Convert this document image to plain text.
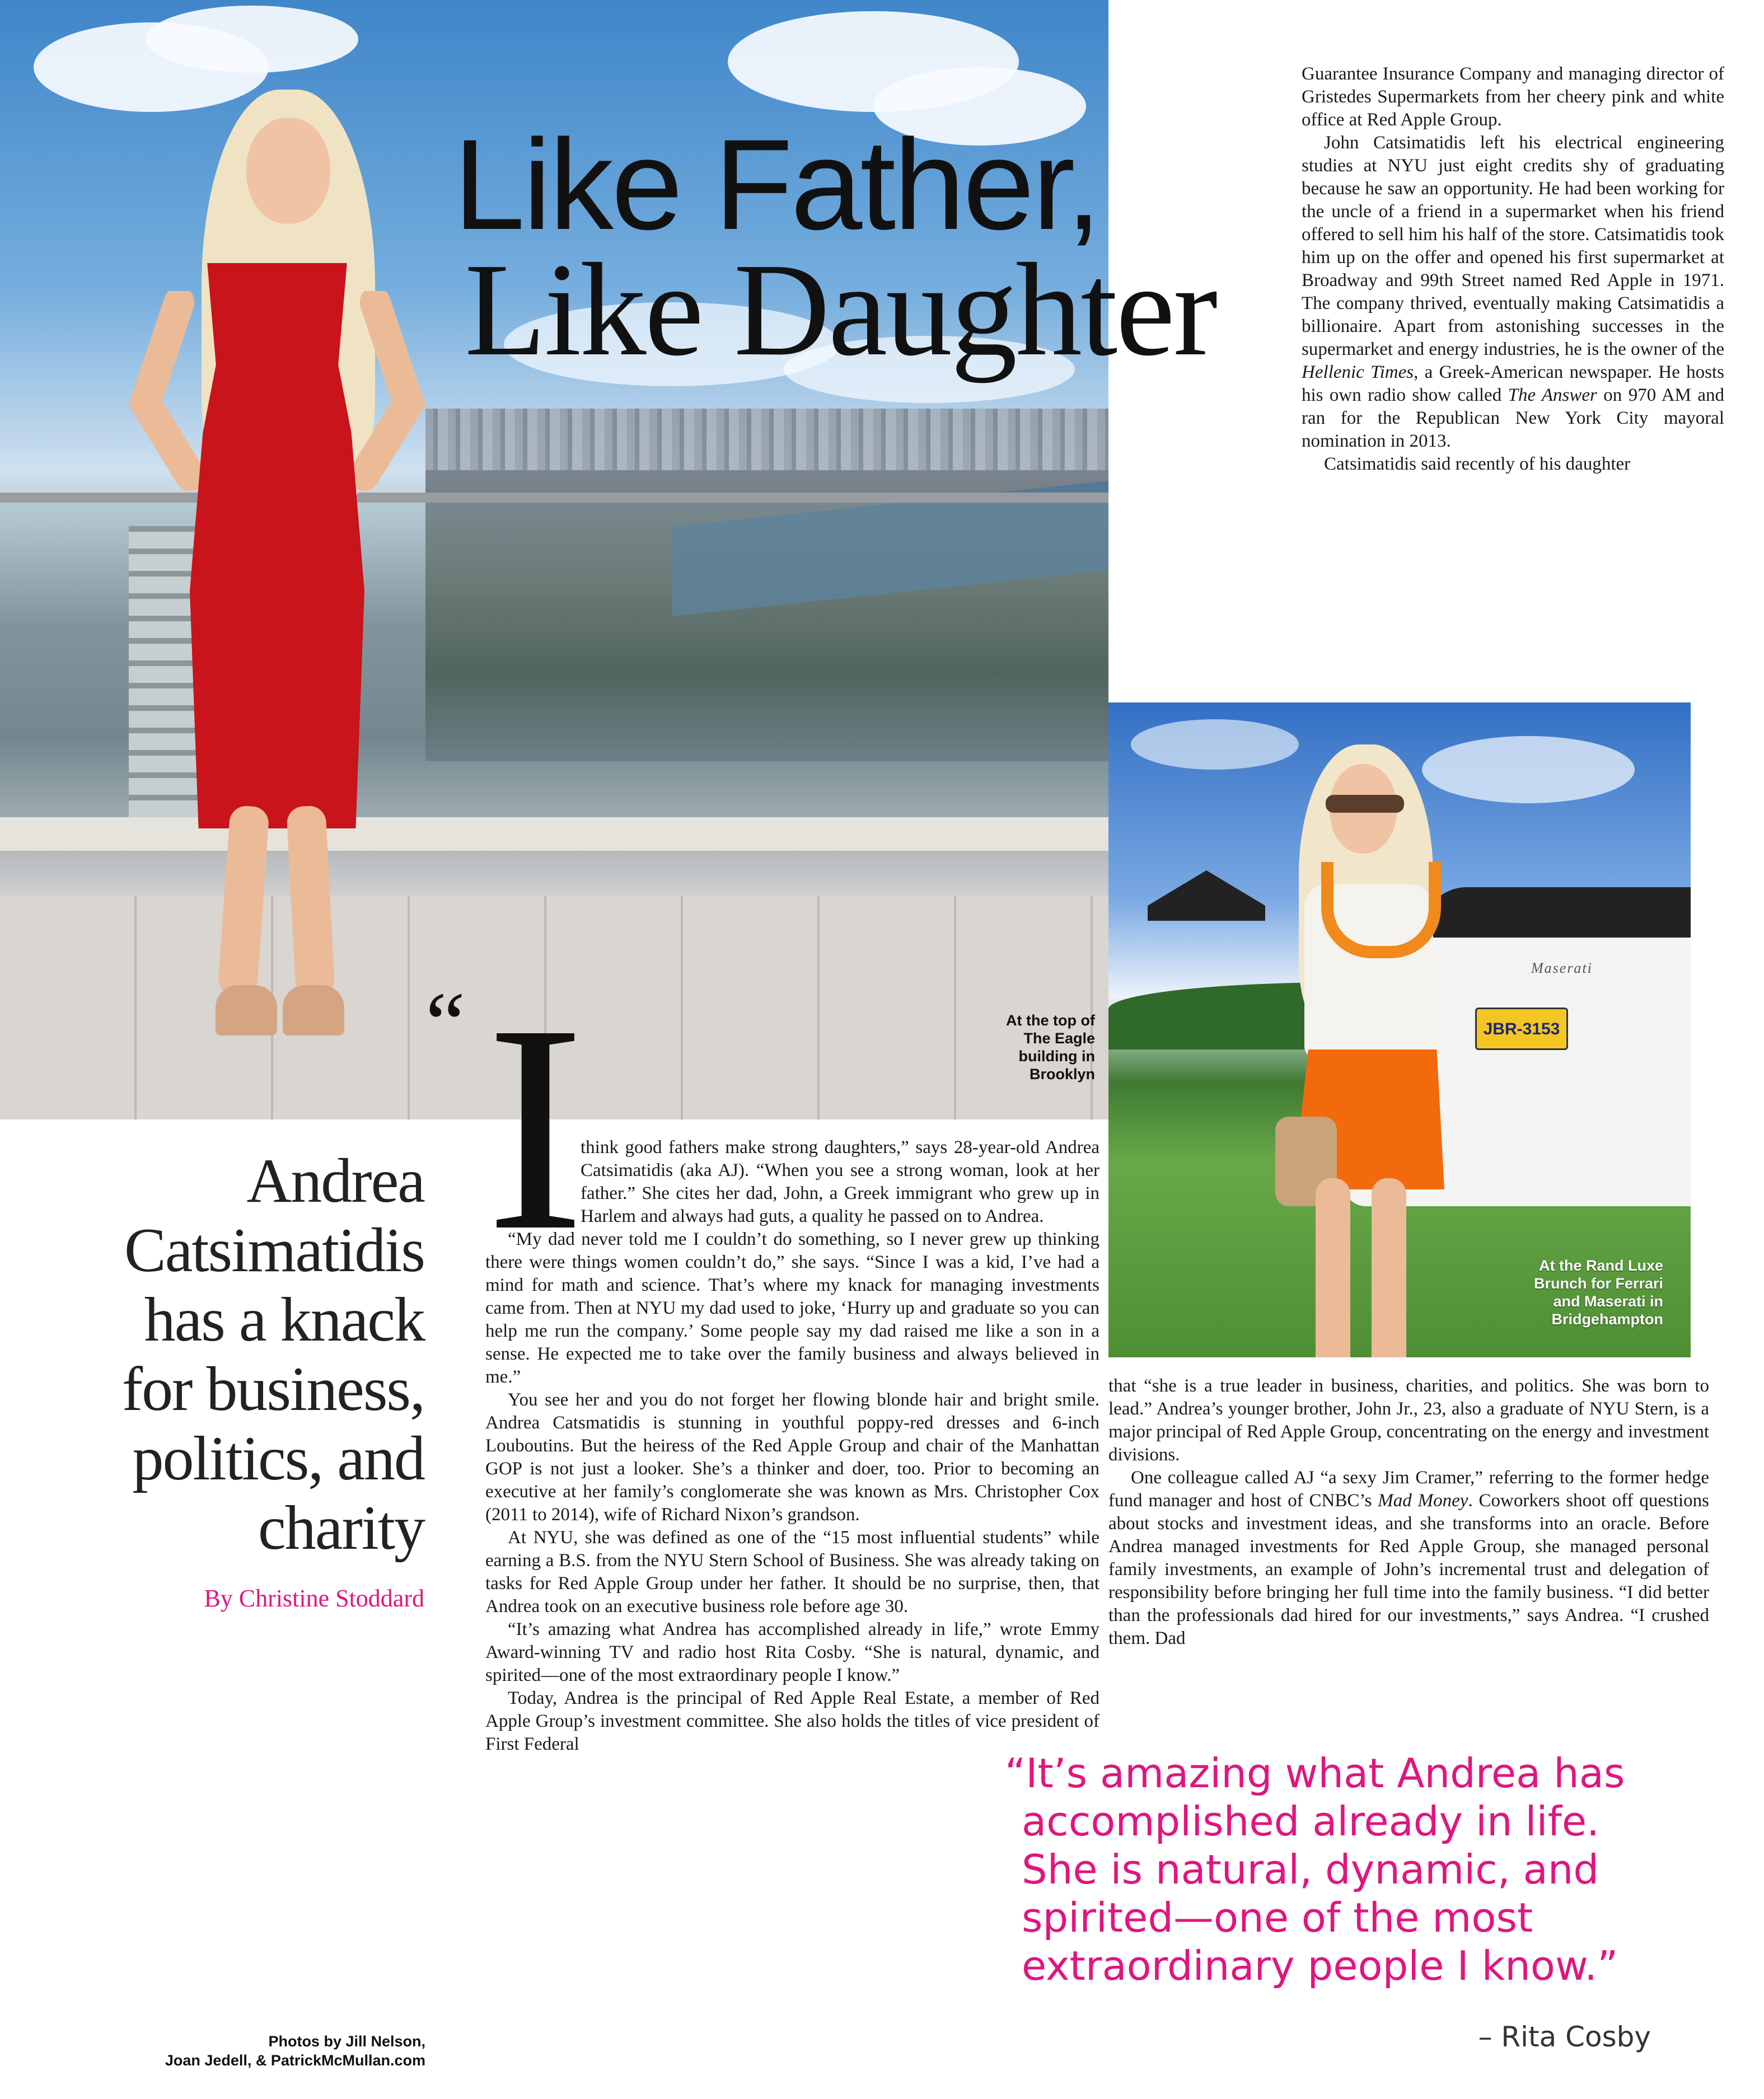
Like Father,
Like Daughter
At the top of
The Eagle
building in
Brooklyn

Guarantee Insurance Company and managing director of Gristedes Supermarkets from her cheery pink and white office at Red Apple Group.

John Catsimatidis left his electrical engineering studies at NYU just eight credits shy of graduating because he saw an opportunity. He had been working for the uncle of a friend in a supermarket when his friend offered to sell him his half of the store. Catsimatidis took him up on the offer and opened his first supermarket at Broadway and 99th Street named Red Apple in 1971. The company thrived, eventually making Catsimatidis a billionaire. Apart from astonishing successes in the supermarket and energy industries, he is the owner of the Hellenic Times, a Greek-American newspaper. He hosts his own radio show called The Answer on 970 AM and ran for the Republican New York City mayoral nomination in 2013.

Catsimatidis said recently of his daughter

Maserati
JBR-3153
At the Rand Luxe
Brunch for Ferrari
and Maserati in
Bridgehampton
“ I

think good fathers make strong daughters,” says 28-year-old Andrea Catsimatidis (aka AJ). “When you see a strong woman, look at her father.” She cites her dad, John, a Greek immigrant who grew up in Harlem and always had guts, a quality he passed on to Andrea.

“My dad never told me I couldn’t do something, so I never grew up thinking there were things women couldn’t do,” she says. “Since I was a kid, I’ve had a mind for math and science. That’s where my knack for managing investments came from. Then at NYU my dad used to joke, ‘Hurry up and graduate so you can help me run the company.’ Some people say my dad raised me like a son in a sense. He expected me to take over the family business and always believed in me.”

You see her and you do not forget her flowing blonde hair and bright smile. Andrea Catsmatidis is stunning in youthful poppy-red dresses and 6-inch Louboutins. But the heiress of the Red Apple Group and chair of the Manhattan GOP is not just a looker. She’s a thinker and doer, too. Prior to becoming an executive at her family’s conglomerate she was known as Mrs. Christopher Cox (2011 to 2014), wife of Richard Nixon’s grandson.

At NYU, she was defined as one of the “15 most influential students” while earning a B.S. from the NYU Stern School of Business. She was already taking on tasks for Red Apple Group under her father. It should be no surprise, then, that Andrea took on an executive business role before age 30.

“It’s amazing what Andrea has accomplished already in life,” wrote Emmy Award-winning TV and radio host Rita Cosby. “She is natural, dynamic, and spirited—one of the most extraordinary people I know.”

Today, Andrea is the principal of Red Apple Real Estate, a member of Red Apple Group’s investment committee. She also holds the titles of vice president of First Federal

that “she is a true leader in business, charities, and politics. She was born to lead.” Andrea’s younger brother, John Jr., 23, also a graduate of NYU Stern, is a major principal of Red Apple Group, concentrating on the energy and investment divisions.

One colleague called AJ “a sexy Jim Cramer,” referring to the former hedge fund manager and host of CNBC’s Mad Money. Coworkers shoot off questions about stocks and investment ideas, and she transforms into an oracle. Before Andrea managed investments for Red Apple Group, she managed personal family investments, an example of John’s incremental trust and delegation of responsibility before bringing her full time into the family business. “I did better than the professionals dad hired for our investments,” says Andrea. “I crushed them. Dad

Andrea
Catsimatidis
has a knack
for business,
politics, and
charity
By Christine Stoddard
Photos by Jill Nelson,
Joan Jedell, & PatrickMcMullan.com
“It’s amazing what Andrea has
accomplished already in life.
She is natural, dynamic, and
spirited—one of the most
extraordinary people I know.”
– Rita Cosby
